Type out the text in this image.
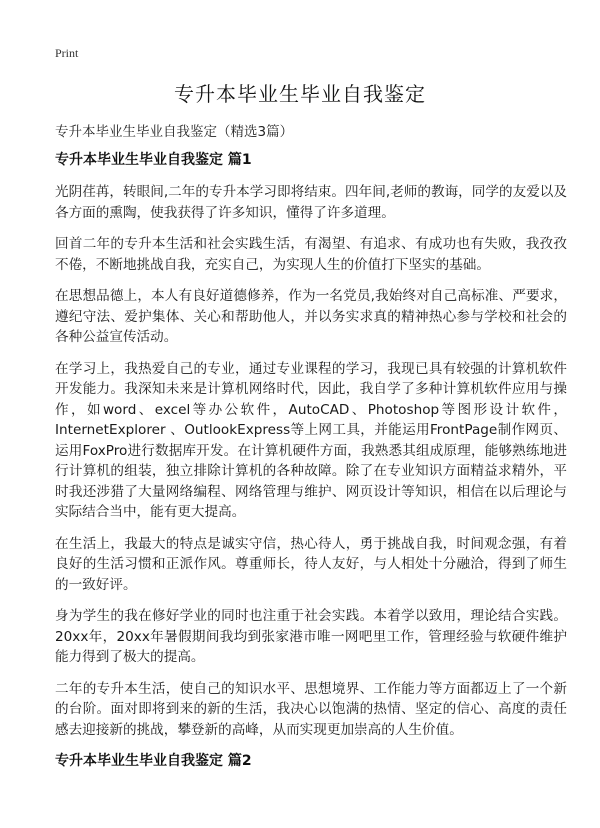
Print
专升本毕业生毕业自我鉴定

专升本毕业生毕业自我鉴定（精选3篇）

专升本毕业生毕业自我鉴定 篇1

光阴荏苒，转眼间,二年的专升本学习即将结束。四年间,老师的教诲，同学的友爱以及各方面的熏陶，使我获得了许多知识，懂得了许多道理。

回首二年的专升本生活和社会实践生活，有渴望、有追求、有成功也有失败，我孜孜不倦，不断地挑战自我，充实自己，为实现人生的价值打下坚实的基础。

在思想品德上，本人有良好道德修养，作为一名党员,我始终对自己高标准、严要求，遵纪守法、爱护集体、关心和帮助他人，并以务实求真的精神热心参与学校和社会的各种公益宣传活动。

在学习上，我热爱自己的专业，通过专业课程的学习，我现已具有较强的计算机软件开发能力。我深知未来是计算机网络时代，因此，我自学了多种计算机软件应用与操作，如word、excel等办公软件，AutoCAD、Photoshop等图形设计软件，InternetExplorer 、OutlookExpress等上网工具，并能运用FrontPage制作网页、运用FoxPro进行数据库开发。在计算机硬件方面，我熟悉其组成原理，能够熟练地进行计算机的组装，独立排除计算机的各种故障。除了在专业知识方面精益求精外，平时我还涉猎了大量网络编程、网络管理与维护、网页设计等知识，相信在以后理论与实际结合当中，能有更大提高。

在生活上，我最大的特点是诚实守信，热心待人，勇于挑战自我，时间观念强，有着良好的生活习惯和正派作风。尊重师长，待人友好，与人相处十分融洽，得到了师生的一致好评。

身为学生的我在修好学业的同时也注重于社会实践。本着学以致用，理论结合实践。20xx年，20xx年暑假期间我均到张家港市唯一网吧里工作，管理经验与软硬件维护能力得到了极大的提高。

二年的专升本生活，使自己的知识水平、思想境界、工作能力等方面都迈上了一个新的台阶。面对即将到来的新的生活，我决心以饱满的热情、坚定的信心、高度的责任感去迎接新的挑战，攀登新的高峰，从而实现更加崇高的人生价值。

专升本毕业生毕业自我鉴定 篇2
